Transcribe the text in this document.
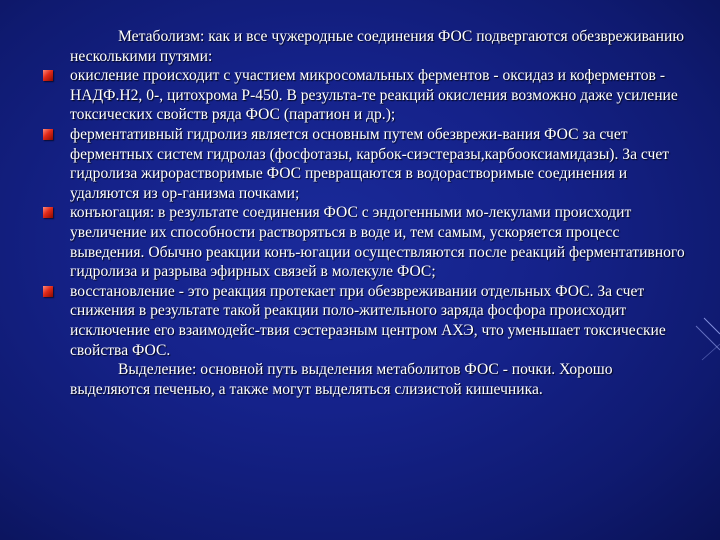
Метаболизм: как и все чужеродные соединения ФОС подвергаются обезвреживанию несколькими путями:

окисление происходит с участием микросомальных ферментов - оксидаз и коферментов - НАДФ.Н2, 0-, цитохрома Р-450. В результа-те реакций окисления возможно даже усиление токсических свойств ряда ФОС (паратион и др.);

ферментативный гидролиз является основным путем обезврежи-вания ФОС за счет ферментных систем гидролаз (фосфотазы, карбок-сиэстеразы,карбооксиамидазы). За счет гидролиза жирорастворимые ФОС превращаются в водорастворимые соединения и удаляются из ор-ганизма почками;

конъюгация: в результате соединения ФОС с эндогенными мо-лекулами происходит увеличение их способности растворяться в воде и, тем самым, ускоряется процесс выведения. Обычно реакции конъ-югации осуществляются после реакций ферментативного гидролиза и разрыва эфирных связей в молекуле ФОС;

восстановление - это реакция протекает при обезвреживании отдельных ФОС. За счет снижения в результате такой реакции поло-жительного заряда фосфора происходит исключение его взаимодейс-твия сэстеразным центром АХЭ, что уменьшает токсические свойства ФОС.

Выделение: основной путь выделения метаболитов ФОС - почки. Хорошо выделяются печенью, а также могут выделяться слизистой кишечника.
